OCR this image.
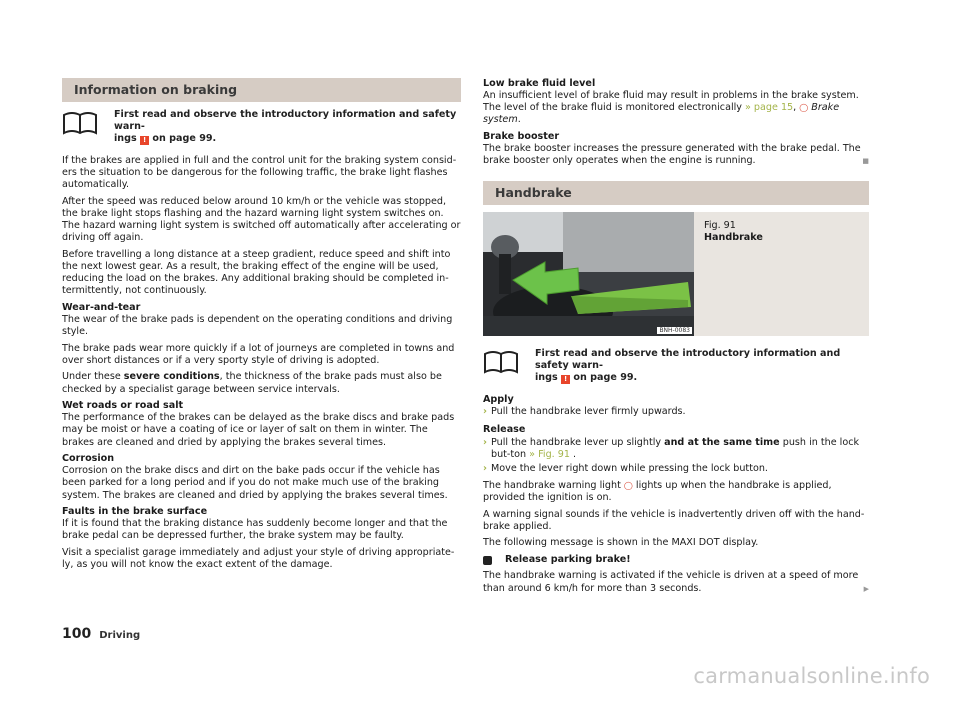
Information on braking
First read and observe the introductory information and safety warn-
ings ! on page 99.

If the brakes are applied in full and the control unit for the braking system consid-ers the situation to be dangerous for the following traffic, the brake light flashes automatically.

After the speed was reduced below around 10 km/h or the vehicle was stopped, the brake light stops flashing and the hazard warning light system switches on. The hazard warning light system is switched off automatically after accelerating or driving off again.

Before travelling a long distance at a steep gradient, reduce speed and shift into the next lowest gear. As a result, the braking effect of the engine will be used, reducing the load on the brakes. Any additional braking should be completed in-termittently, not continuously.

Wear-and-tear
The wear of the brake pads is dependent on the operating conditions and driving style.

The brake pads wear more quickly if a lot of journeys are completed in towns and over short distances or if a very sporty style of driving is adopted.

Under these severe conditions, the thickness of the brake pads must also be checked by a specialist garage between service intervals.

Wet roads or road salt
The performance of the brakes can be delayed as the brake discs and brake pads may be moist or have a coating of ice or layer of salt on them in winter. The brakes are cleaned and dried by applying the brakes several times.

Corrosion
Corrosion on the brake discs and dirt on the bake pads occur if the vehicle has been parked for a long period and if you do not make much use of the braking system. The brakes are cleaned and dried by applying the brakes several times.

Faults in the brake surface
If it is found that the braking distance has suddenly become longer and that the brake pedal can be depressed further, the brake system may be faulty.

Visit a specialist garage immediately and adjust your style of driving appropriate-ly, as you will not know the exact extent of the damage.

Low brake fluid level
An insufficient level of brake fluid may result in problems in the brake system. The level of the brake fluid is monitored electronically » page 15, ◯ Brake system.

Brake booster
The brake booster increases the pressure generated with the brake pedal. The brake booster only operates when the engine is running.	■

Handbrake
BNH-0083
Fig. 91
Handbrake
First read and observe the introductory information and safety warn-
ings ! on page 99.

Apply

› Pull the handbrake lever firmly upwards.

Release

› Pull the handbrake lever up slightly and at the same time push in the lock but-ton » Fig. 91 .
› Move the lever right down while pressing the lock button.

The handbrake warning light ◯ lights up when the handbrake is applied, provided the ignition is on.

A warning signal sounds if the vehicle is inadvertently driven off with the hand-brake applied.

The following message is shown in the MAXI DOT display.

Release parking brake!

The handbrake warning is activated if the vehicle is driven at a speed of more than around 6 km/h for more than 3 seconds.	▶

100 Driving
carmanualsonline.info
